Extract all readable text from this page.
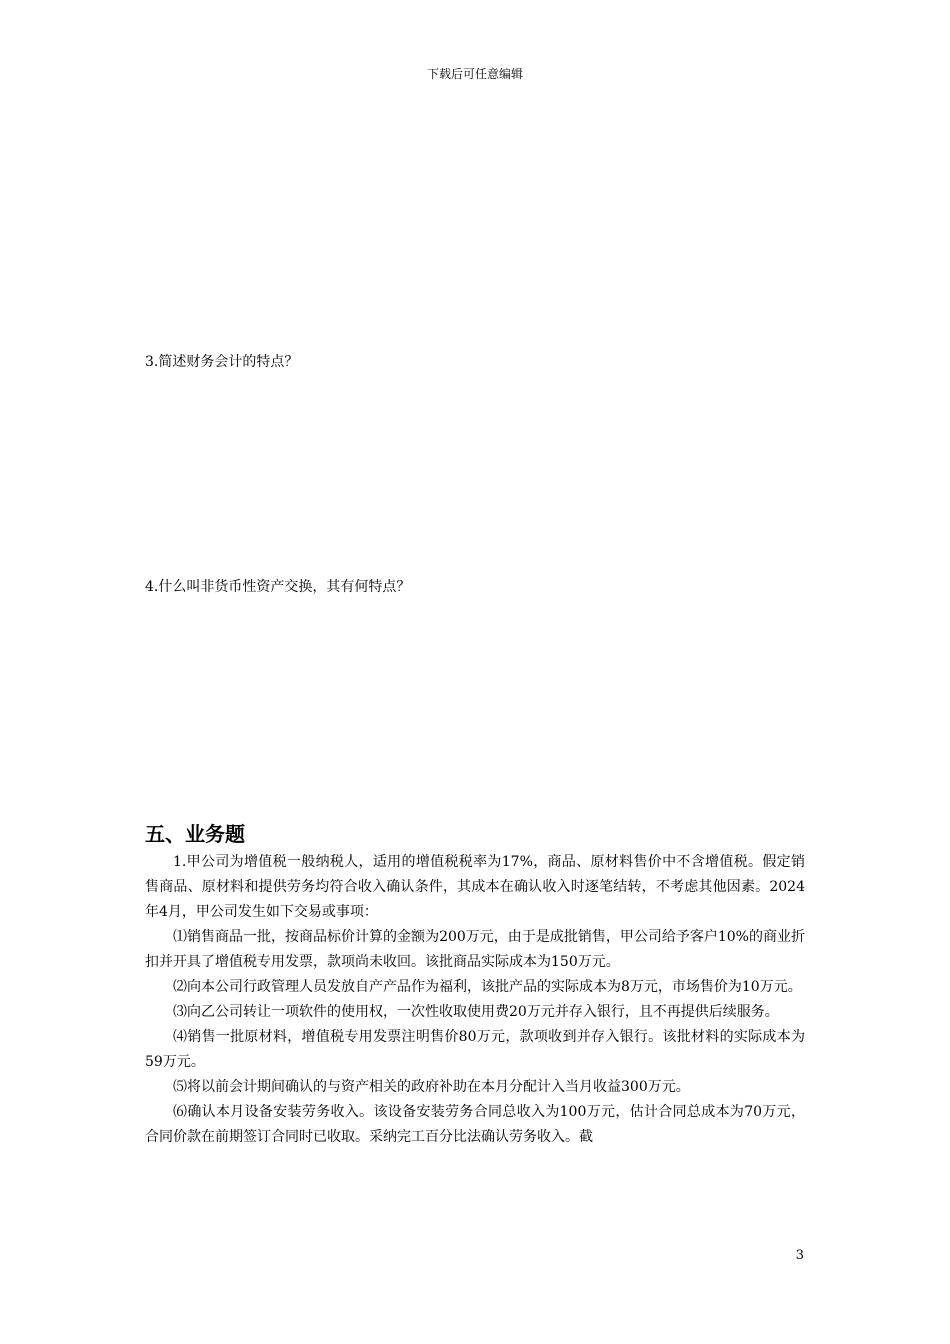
下载后可任意编辑
3.简述财务会计的特点？
4.什么叫非货币性资产交换，其有何特点？
五、业务题

1.甲公司为增值税一般纳税人，适用的增值税税率为17%，商品、原材料售价中不含增值税。假定销售商品、原材料和提供劳务均符合收入确认条件，其成本在确认收入时逐笔结转，不考虑其他因素。2024年4月，甲公司发生如下交易或事项：

⑴销售商品一批，按商品标价计算的金额为200万元，由于是成批销售，甲公司给予客户10%的商业折扣并开具了增值税专用发票，款项尚未收回。该批商品实际成本为150万元。

⑵向本公司行政管理人员发放自产产品作为福利，该批产品的实际成本为8万元，市场售价为10万元。

⑶向乙公司转让一项软件的使用权，一次性收取使用费20万元并存入银行，且不再提供后续服务。

⑷销售一批原材料，增值税专用发票注明售价80万元，款项收到并存入银行。该批材料的实际成本为59万元。

⑸将以前会计期间确认的与资产相关的政府补助在本月分配计入当月收益300万元。

⑹确认本月设备安装劳务收入。该设备安装劳务合同总收入为100万元，估计合同总成本为70万元，合同价款在前期签订合同时已收取。采纳完工百分比法确认劳务收入。截

3
